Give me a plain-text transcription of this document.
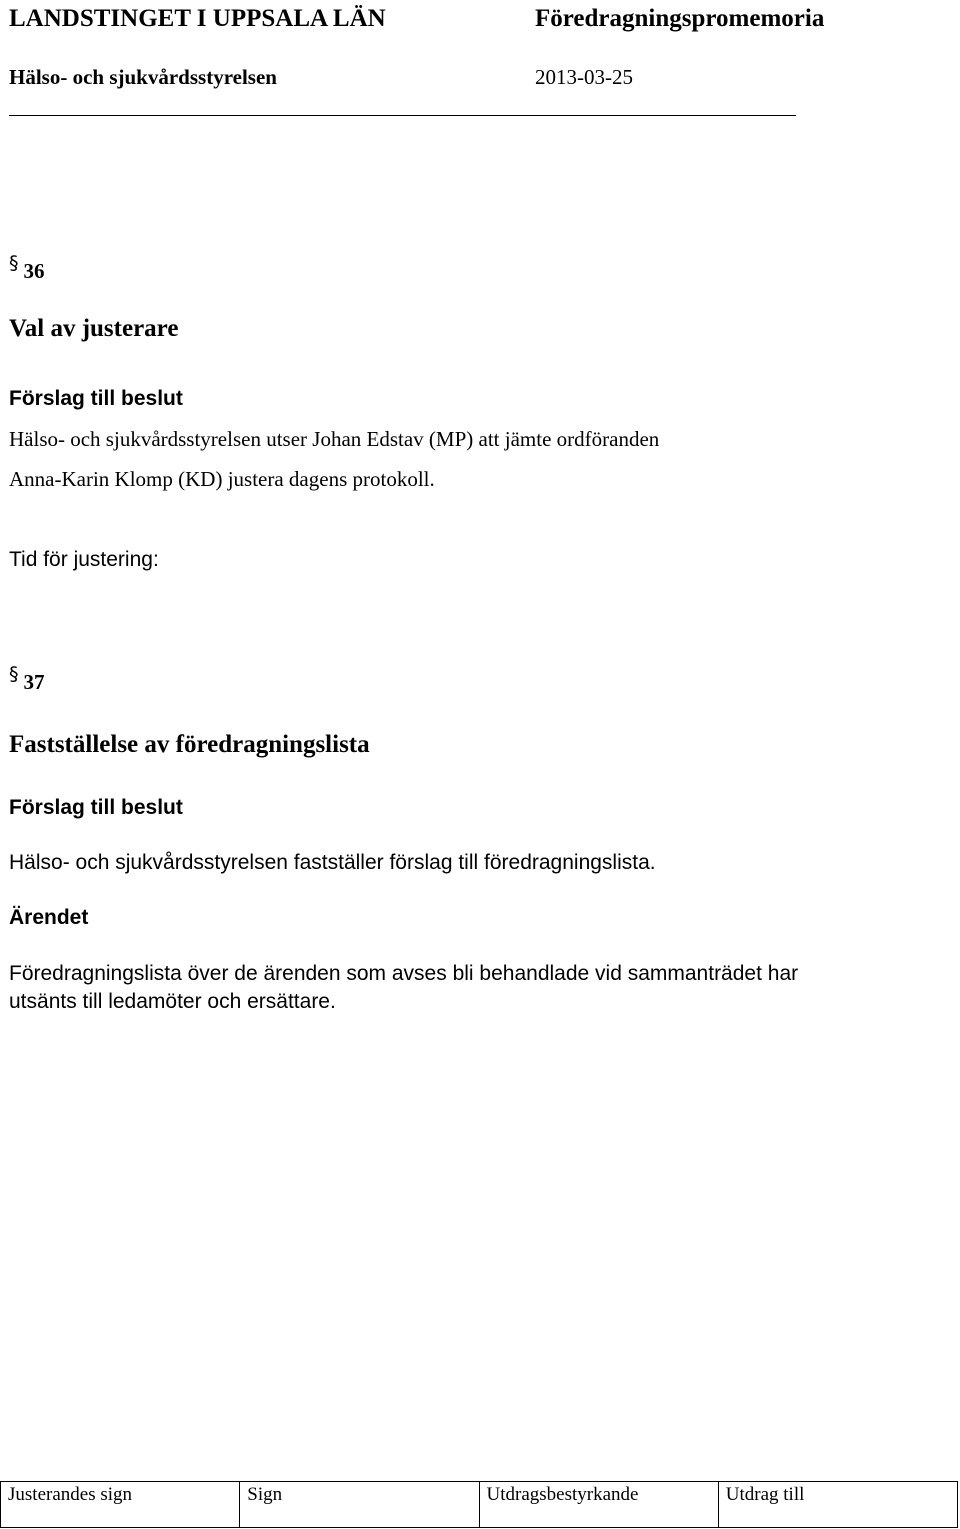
LANDSTINGET I UPPSALA LÄN	Föredragningspromemoria
Hälso- och sjukvårdsstyrelsen	2013-03-25
§ 36
Val av justerare
Förslag till beslut
Hälso- och sjukvårdsstyrelsen utser Johan Edstav (MP) att jämte ordföranden
Anna-Karin Klomp (KD) justera dagens protokoll.
Tid för justering:
§ 37
Fastställelse av föredragningslista
Förslag till beslut
Hälso- och sjukvårdsstyrelsen fastställer förslag till föredragningslista.
Ärendet
Föredragningslista över de ärenden som avses bli behandlade vid sammanträdet har
utsänts till ledamöter och ersättare.
Justerandes sign	Sign	Utdragsbestyrkande	Utdrag till
